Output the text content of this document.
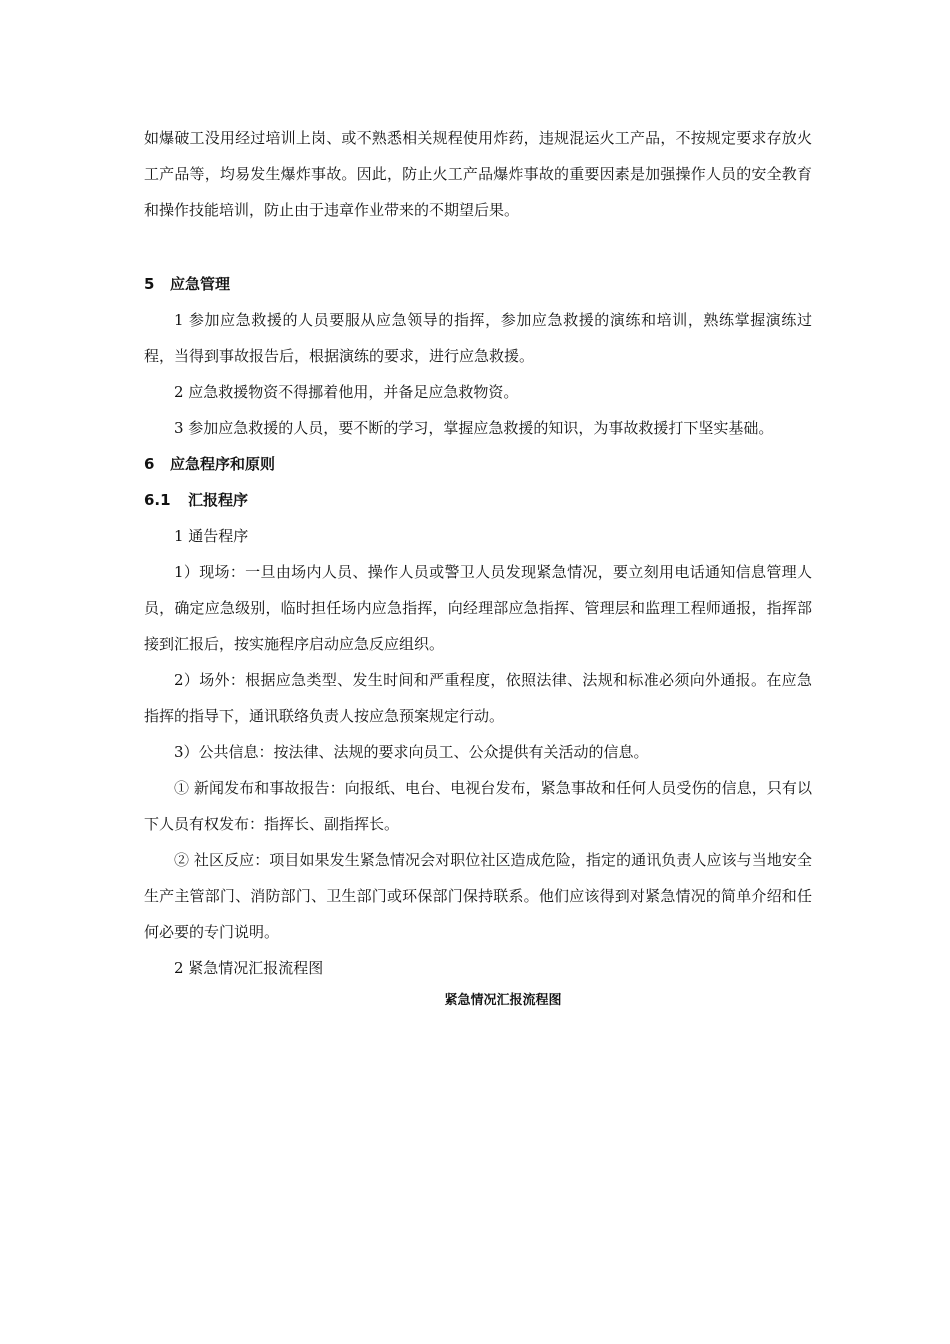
如爆破工没用经过培训上岗、或不熟悉相关规程使用炸药，违规混运火工产品，不按规定要求存放火工产品等，均易发生爆炸事故。因此，防止火工产品爆炸事故的重要因素是加强操作人员的安全教育和操作技能培训，防止由于违章作业带来的不期望后果。

5 应急管理

1 参加应急救援的人员要服从应急领导的指挥，参加应急救援的演练和培训，熟练掌握演练过程，当得到事故报告后，根据演练的要求，进行应急救援。

2 应急救援物资不得挪着他用，并备足应急救物资。

3 参加应急救援的人员，要不断的学习，掌握应急救援的知识，为事故救援打下坚实基础。

6 应急程序和原则

6.1 汇报程序

1 通告程序

1）现场：一旦由场内人员、操作人员或警卫人员发现紧急情况，要立刻用电话通知信息管理人员，确定应急级别，临时担任场内应急指挥，向经理部应急指挥、管理层和监理工程师通报，指挥部接到汇报后，按实施程序启动应急反应组织。

2）场外：根据应急类型、发生时间和严重程度，依照法律、法规和标准必须向外通报。在应急指挥的指导下，通讯联络负责人按应急预案规定行动。

3）公共信息：按法律、法规的要求向员工、公众提供有关活动的信息。

① 新闻发布和事故报告：向报纸、电台、电视台发布，紧急事故和任何人员受伤的信息，只有以下人员有权发布：指挥长、副指挥长。

② 社区反应：项目如果发生紧急情况会对职位社区造成危险，指定的通讯负责人应该与当地安全生产主管部门、消防部门、卫生部门或环保部门保持联系。他们应该得到对紧急情况的简单介绍和任何必要的专门说明。

2 紧急情况汇报流程图

紧急情况汇报流程图
